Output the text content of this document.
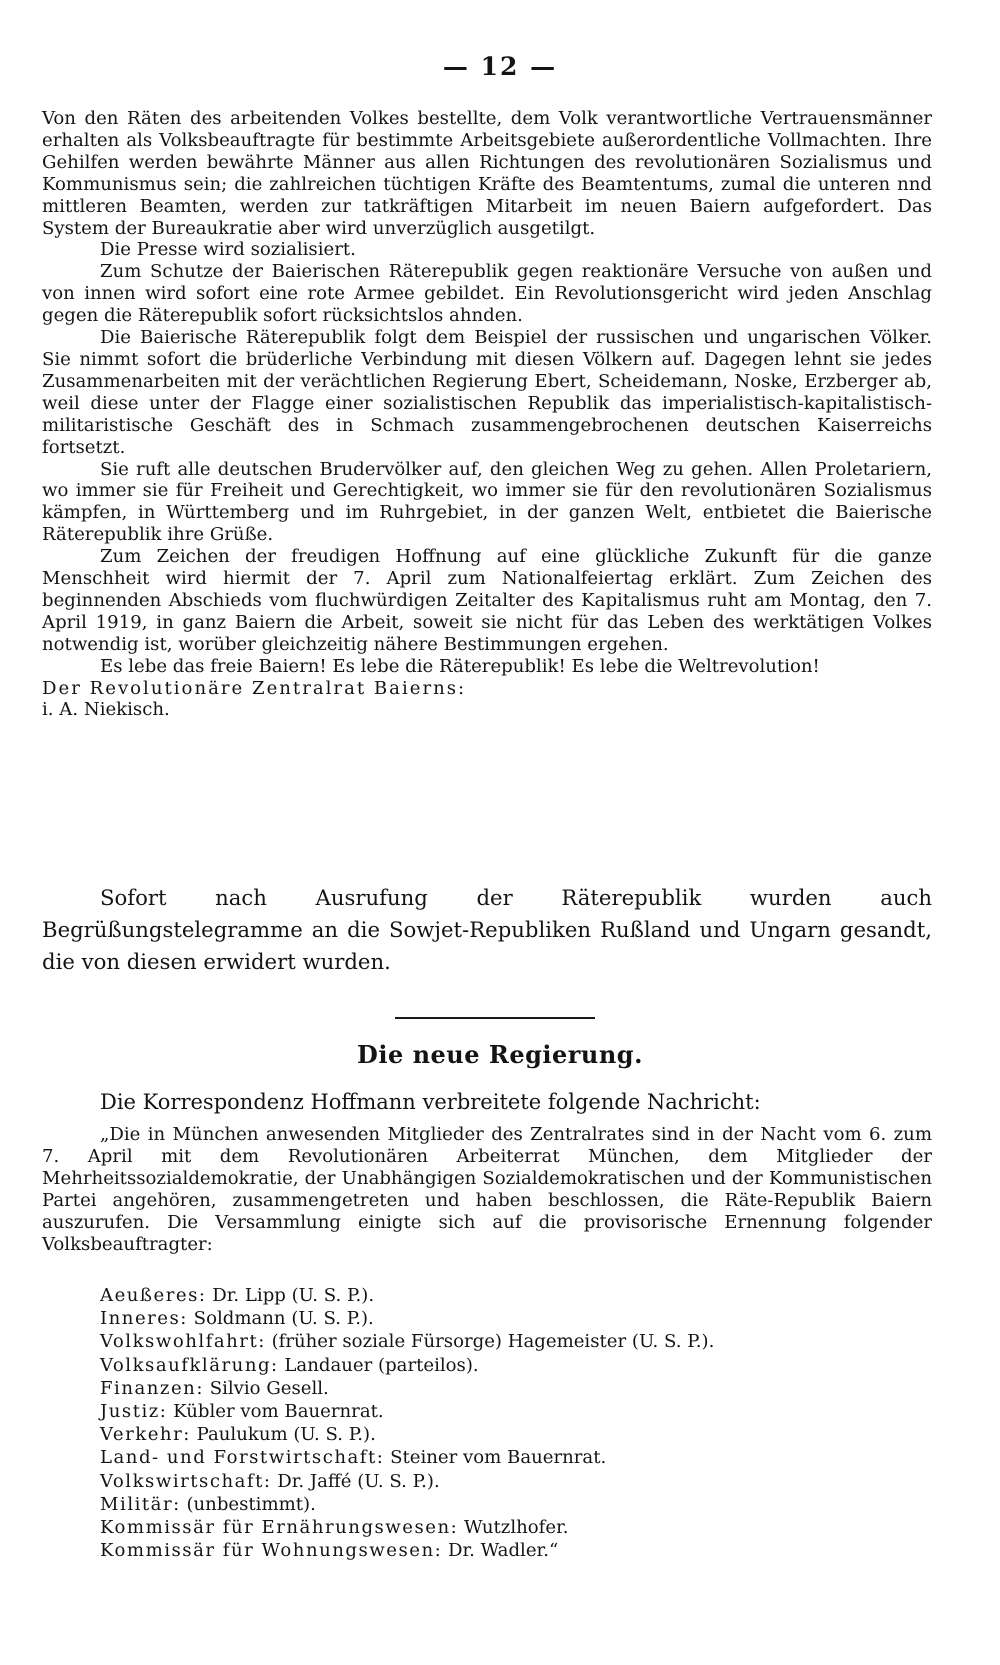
— 12 —

Von den Räten des arbeitenden Volkes bestellte, dem Volk verantwortliche Vertrauensmänner erhalten als Volksbeauftragte für bestimmte Arbeitsgebiete außerordentliche Vollmachten. Ihre Gehilfen werden bewährte Männer aus allen Richtungen des revolutionären Sozialismus und Kommunismus sein; die zahlreichen tüchtigen Kräfte des Beamtentums, zumal die unteren nnd mittleren Beamten, werden zur tatkräftigen Mitarbeit im neuen Baiern aufgefordert. Das System der Bureaukratie aber wird unverzüglich ausgetilgt.

Die Presse wird sozialisiert.

Zum Schutze der Baierischen Räterepublik gegen reaktionäre Versuche von außen und von innen wird sofort eine rote Armee gebildet. Ein Revolutionsgericht wird jeden Anschlag gegen die Räterepublik sofort rücksichtslos ahnden.

Die Baierische Räterepublik folgt dem Beispiel der russischen und ungarischen Völker. Sie nimmt sofort die brüderliche Verbindung mit diesen Völkern auf. Dagegen lehnt sie jedes Zusammenarbeiten mit der verächtlichen Regierung Ebert, Scheidemann, Noske, Erzberger ab, weil diese unter der Flagge einer sozialistischen Republik das imperialistisch-kapitalistisch-militaristische Geschäft des in Schmach zusammengebrochenen deutschen Kaiserreichs fortsetzt.

Sie ruft alle deutschen Brudervölker auf, den gleichen Weg zu gehen. Allen Proletariern, wo immer sie für Freiheit und Gerechtigkeit, wo immer sie für den revolutionären Sozialismus kämpfen, in Württemberg und im Ruhrgebiet, in der ganzen Welt, entbietet die Baierische Räterepublik ihre Grüße.

Zum Zeichen der freudigen Hoffnung auf eine glückliche Zukunft für die ganze Menschheit wird hiermit der 7. April zum Nationalfeiertag erklärt. Zum Zeichen des beginnenden Abschieds vom fluchwürdigen Zeitalter des Kapitalismus ruht am Montag, den 7. April 1919, in ganz Baiern die Arbeit, soweit sie nicht für das Leben des werktätigen Volkes notwendig ist, worüber gleichzeitig nähere Bestimmungen ergehen.

Es lebe das freie Baiern! Es lebe die Räterepublik! Es lebe die Weltrevolution!

Der Revolutionäre Zentralrat Baierns:

i. A. Niekisch.

Sofort nach Ausrufung der Räterepublik wurden auch Begrüßungstelegramme an die Sowjet-Republiken Rußland und Ungarn gesandt, die von diesen erwidert wurden.

Die neue Regierung.

Die Korrespondenz Hoffmann verbreitete folgende Nachricht:

„Die in München anwesenden Mitglieder des Zentralrates sind in der Nacht vom 6. zum 7. April mit dem Revolutionären Arbeiterrat München, dem Mitglieder der Mehrheitssozialdemokratie, der Unabhängigen Sozialdemokratischen und der Kommunistischen Partei angehören, zusammengetreten und haben beschlossen, die Räte-Republik Baiern auszurufen. Die Versammlung einigte sich auf die provisorische Ernennung folgender Volksbeauftragter:

Aeußeres: Dr. Lipp (U. S. P.).
Inneres: Soldmann (U. S. P.).
Volkswohlfahrt: (früher soziale Fürsorge) Hagemeister (U. S. P.).
Volksaufklärung: Landauer (parteilos).
Finanzen: Silvio Gesell.
Justiz: Kübler vom Bauernrat.
Verkehr: Paulukum (U. S. P.).
Land- und Forstwirtschaft: Steiner vom Bauernrat.
Volkswirtschaft: Dr. Jaffé (U. S. P.).
Militär: (unbestimmt).
Kommissär für Ernährungswesen: Wutzlhofer.
Kommissär für Wohnungswesen: Dr. Wadler.“
